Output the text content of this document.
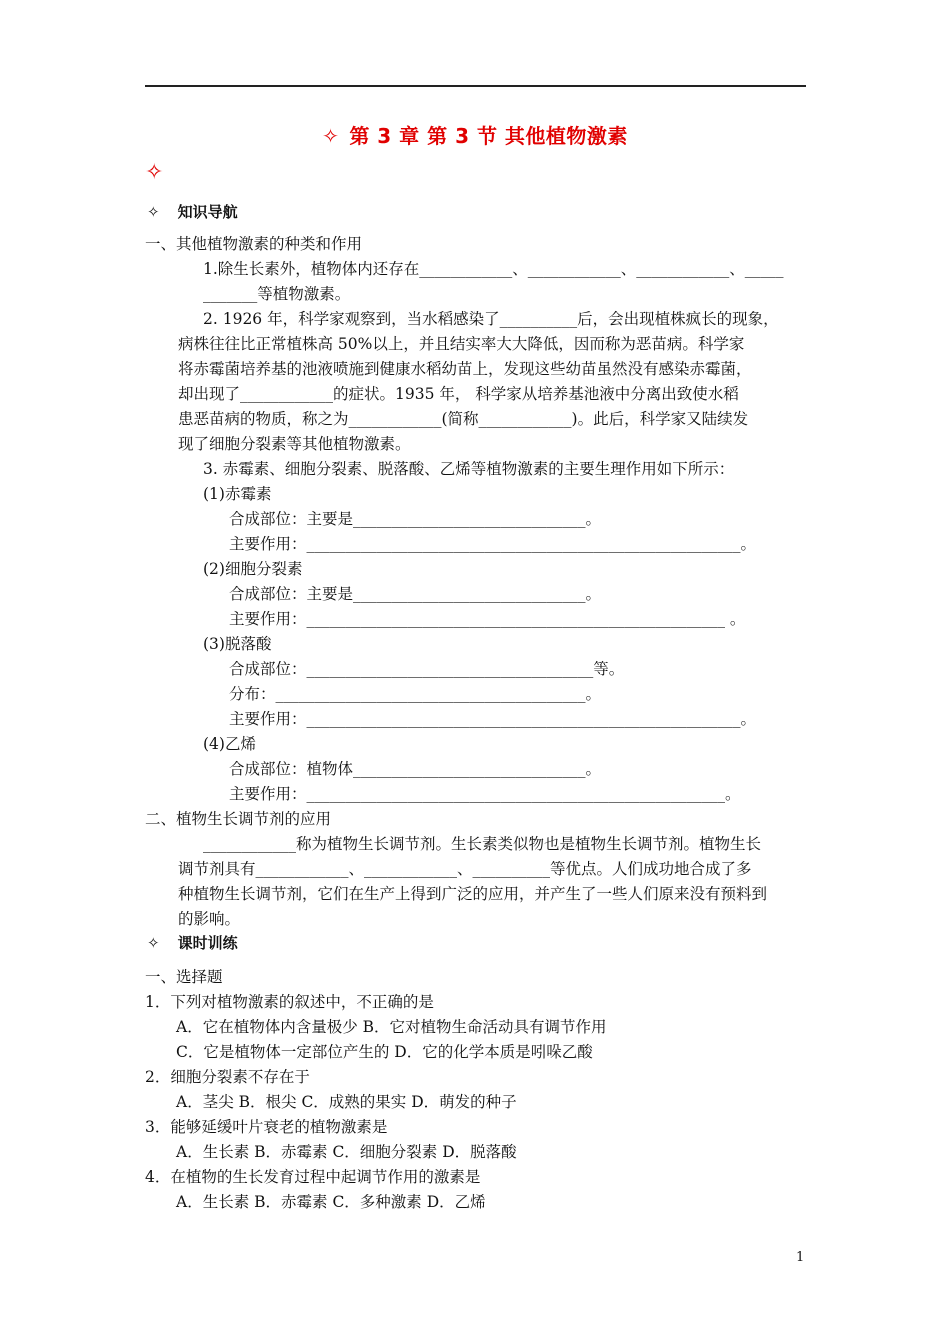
✧ 第 3 章 第 3 节 其他植物激素
✧
✧ 知识导航
一、其他植物激素的种类和作用
1.除生长素外，植物体内还存在____________、____________、____________、_____
_______等植物激素。
2. 1926 年，科学家观察到，当水稻感染了__________后，会出现植株疯长的现象，
病株往往比正常植株高 50%以上，并且结实率大大降低，因而称为恶苗病。科学家
将赤霉菌培养基的池液喷施到健康水稻幼苗上，发现这些幼苗虽然没有感染赤霉菌，
却出现了____________的症状。1935 年， 科学家从培养基池液中分离出致使水稻
患恶苗病的物质，称之为____________(简称____________)。此后，科学家又陆续发
现了细胞分裂素等其他植物激素。
3. 赤霉素、细胞分裂素、脱落酸、乙烯等植物激素的主要生理作用如下所示：
(1)赤霉素
合成部位：主要是______________________________。
主要作用：________________________________________________________。
(2)细胞分裂素
合成部位：主要是______________________________。
主要作用：______________________________________________________ 。
(3)脱落酸
合成部位：_____________________________________等。
分布：________________________________________。
主要作用：________________________________________________________。
(4)乙烯
合成部位：植物体______________________________。
主要作用：______________________________________________________。
二、植物生长调节剂的应用
____________称为植物生长调节剂。生长素类似物也是植物生长调节剂。植物生长
调节剂具有____________、____________、__________等优点。人们成功地合成了多
种植物生长调节剂，它们在生产上得到广泛的应用，并产生了一些人们原来没有预料到
的影响。
✧ 课时训练
一、选择题
1．下列对植物激素的叙述中，不正确的是
A．它在植物体内含量极少 B．它对植物生命活动具有调节作用
C．它是植物体一定部位产生的 D．它的化学本质是吲哚乙酸
2．细胞分裂素不存在于
A．茎尖 B．根尖 C．成熟的果实 D．萌发的种子
3．能够延缓叶片衰老的植物激素是
A．生长素 B．赤霉素 C．细胞分裂素 D．脱落酸
4．在植物的生长发育过程中起调节作用的激素是
A．生长素 B．赤霉素 C．多种激素 D．乙烯
1
